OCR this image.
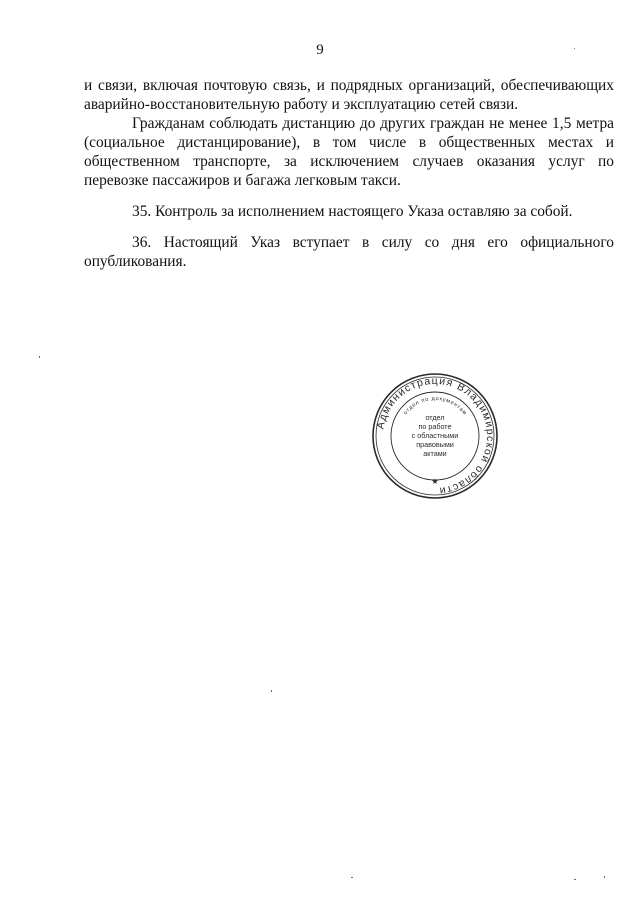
9

и связи, включая почтовую связь, и подрядных организаций, обеспечивающих аварийно-восстановительную работу и эксплуатацию сетей связи.

Гражданам соблюдать дистанцию до других граждан не менее 1,5 метра (социальное дистанцирование), в том числе в общественных местах и общественном транспорте, за исключением случаев оказания услуг по перевозке пассажиров и багажа легковым такси.

35. Контроль за исполнением настоящего Указа оставляю за собой.

36. Настоящий Указ вступает в силу со дня его официального опубликования.

Администрация Владимирской области
отдел по документам
отдел
по работе
с областными
правовыми
актами
★
